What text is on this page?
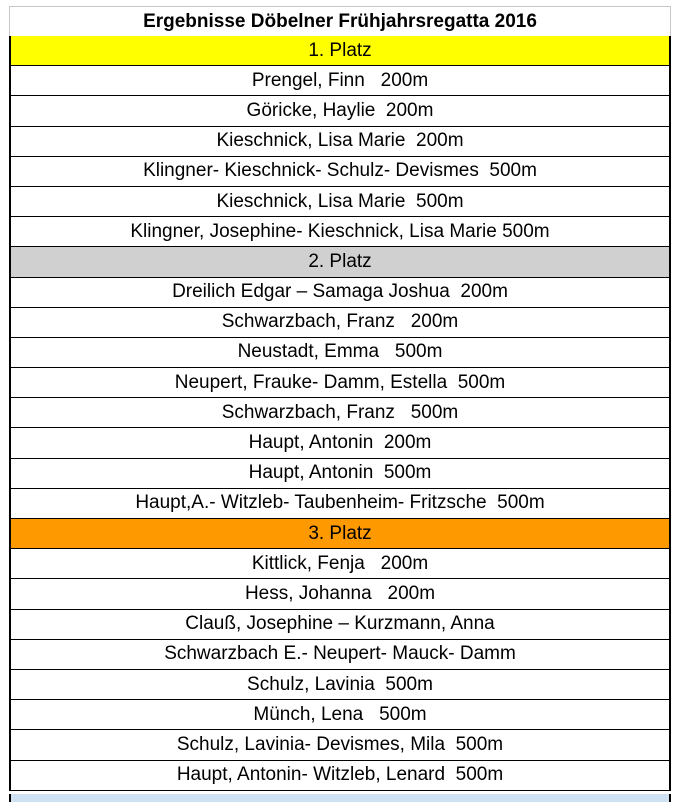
Ergebnisse Döbelner Frühjahrsregatta 2016
1. Platz
Prengel, Finn   200m
Göricke, Haylie  200m
Kieschnick, Lisa Marie  200m
Klingner- Kieschnick- Schulz- Devismes  500m
Kieschnick, Lisa Marie  500m
Klingner, Josephine- Kieschnick, Lisa Marie 500m
2. Platz
Dreilich Edgar – Samaga Joshua  200m
Schwarzbach, Franz   200m
Neustadt, Emma   500m
Neupert, Frauke- Damm, Estella  500m
Schwarzbach, Franz   500m
Haupt, Antonin  200m
Haupt, Antonin  500m
Haupt,A.- Witzleb- Taubenheim- Fritzsche  500m
3. Platz
Kittlick, Fenja   200m
Hess, Johanna   200m
Clauß, Josephine – Kurzmann, Anna
Schwarzbach E.- Neupert- Mauck- Damm
Schulz, Lavinia  500m
Münch, Lena   500m
Schulz, Lavinia- Devismes, Mila  500m
Haupt, Antonin- Witzleb, Lenard  500m
